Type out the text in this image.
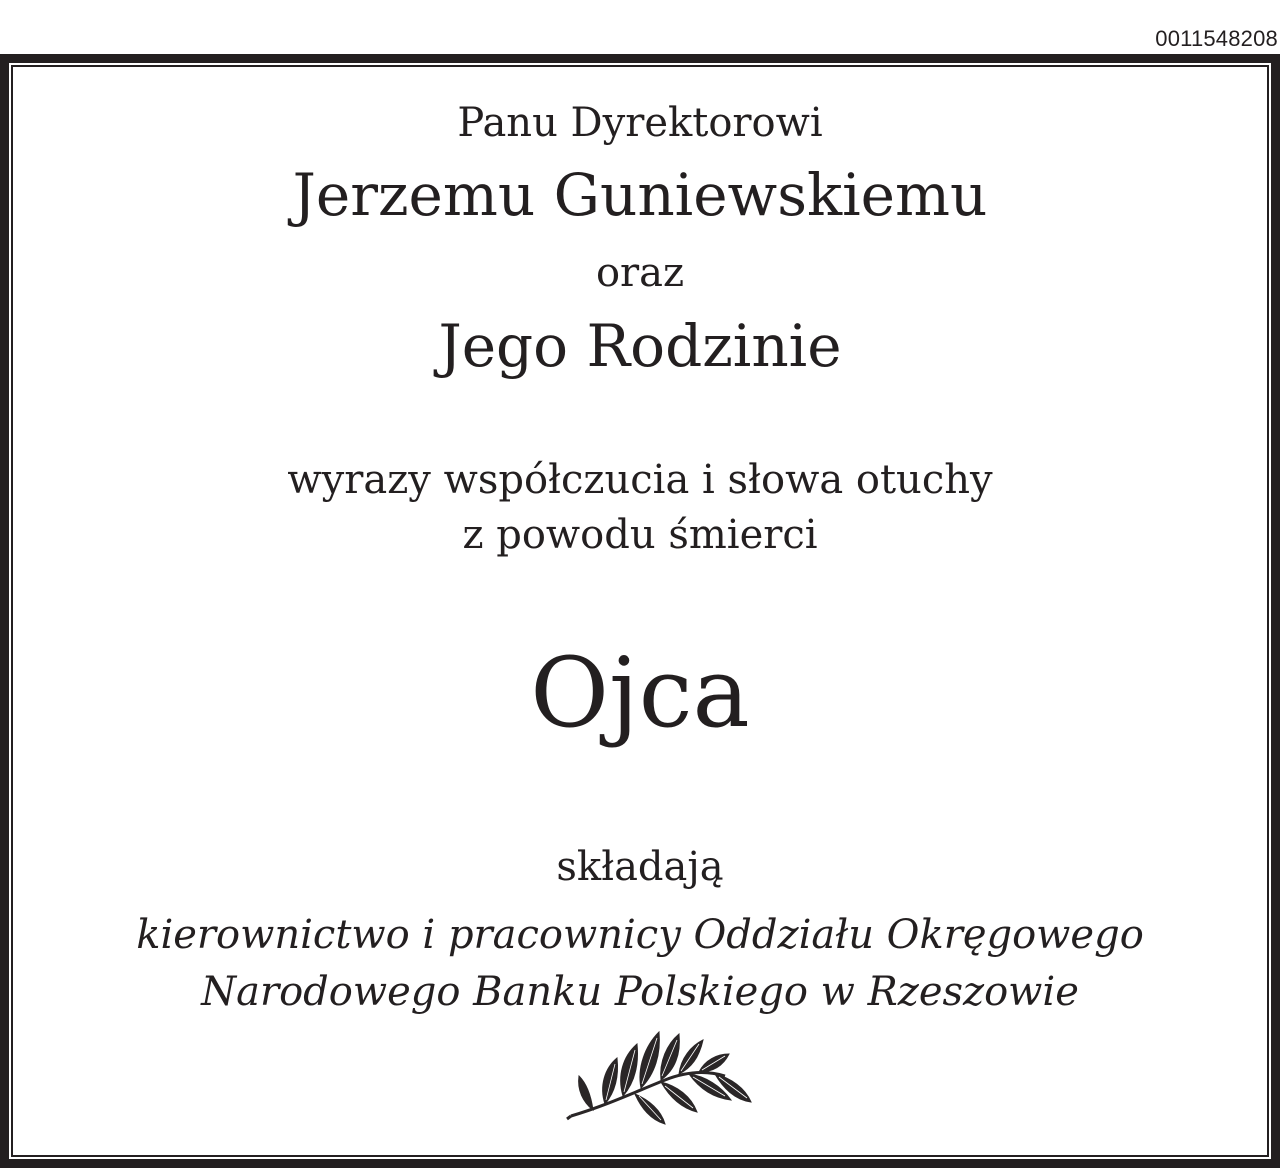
0011548208
Panu Dyrektorowi
Jerzemu Guniewskiemu
oraz
Jego Rodzinie
wyrazy współczucia i słowa otuchy
z powodu śmierci
Ojca
składają
kierownictwo i pracownicy Oddziału Okręgowego
Narodowego Banku Polskiego w Rzeszowie
